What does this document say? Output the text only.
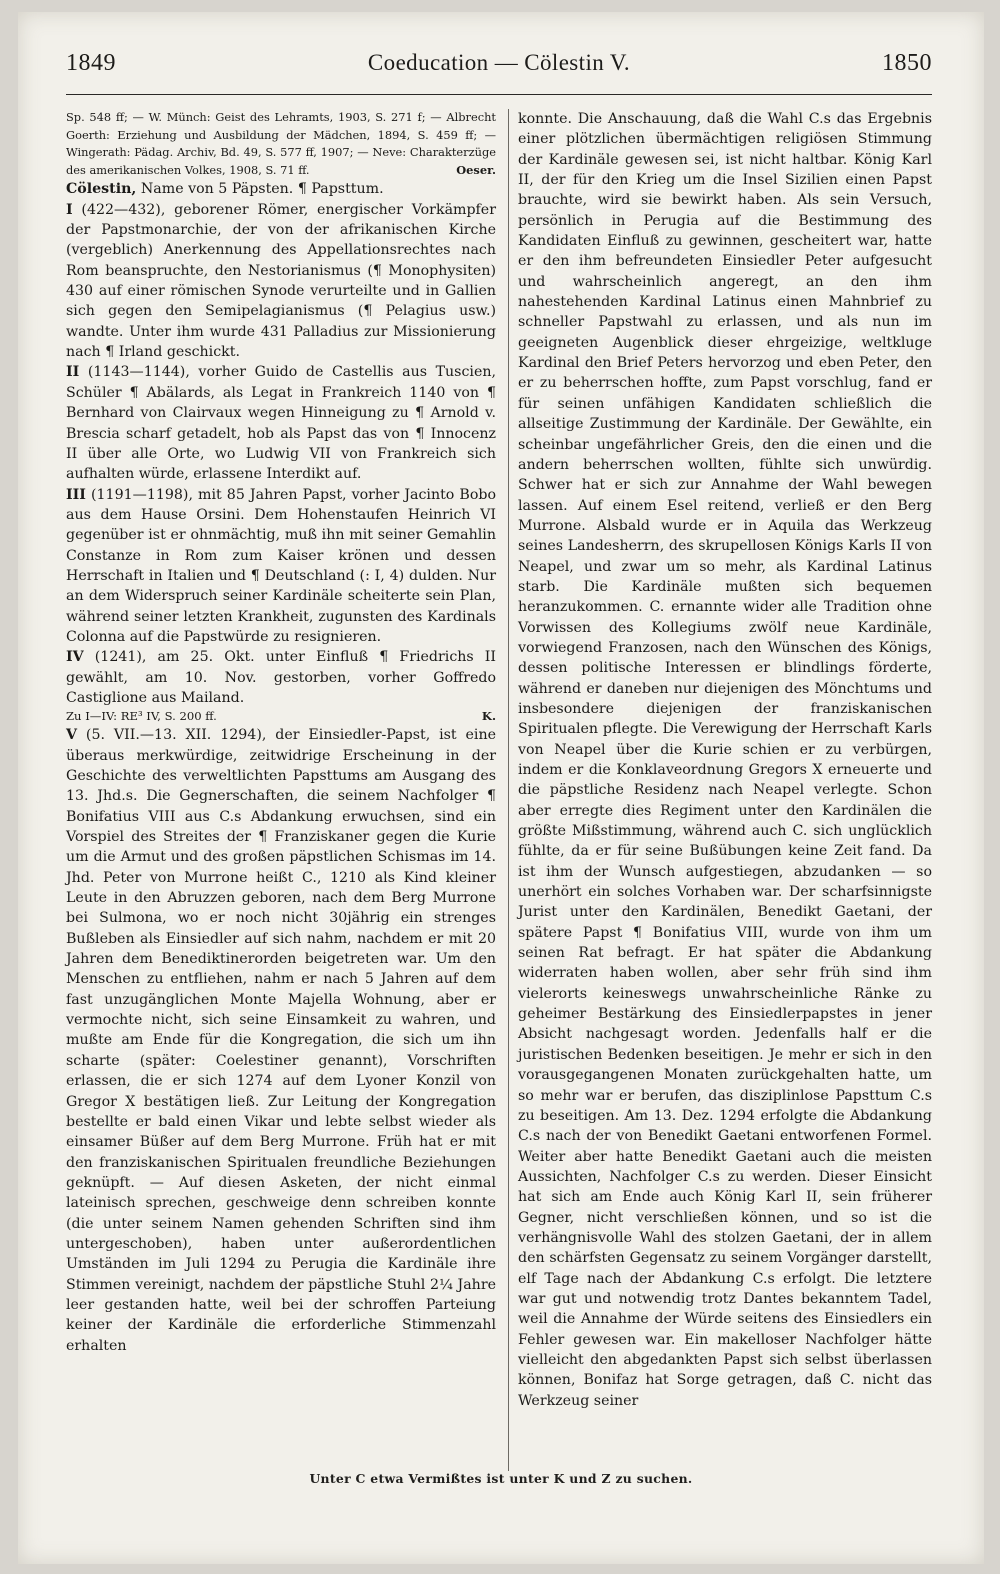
1849	Coeducation — Cölestin V.	1850

Sp. 548 ff; — W. Münch: Geist des Lehramts, 1903, S. 271 f; — Albrecht Goerth: Erziehung und Ausbildung der Mädchen, 1894, S. 459 ff; — Wingerath: Pädag. Archiv, Bd. 49, S. 577 ff, 1907; — Neve: Charakterzüge des amerikanischen Volkes, 1908, S. 71 ff.	Oeser.

Cölestin, Name von 5 Päpsten. ¶ Papsttum.

I (422—432), geborener Römer, energischer Vorkämpfer der Papstmonarchie, der von der afrikanischen Kirche (vergeblich) Anerkennung des Appellationsrechtes nach Rom beanspruchte, den Nestorianismus (¶ Monophysiten) 430 auf einer römischen Synode verurteilte und in Gallien sich gegen den Semipelagianismus (¶ Pelagius usw.) wandte. Unter ihm wurde 431 Palladius zur Missionierung nach ¶ Irland geschickt.

II (1143—1144), vorher Guido de Castellis aus Tuscien, Schüler ¶ Abälards, als Legat in Frankreich 1140 von ¶ Bernhard von Clairvaux wegen Hinneigung zu ¶ Arnold v. Brescia scharf getadelt, hob als Papst das von ¶ Innocenz II über alle Orte, wo Ludwig VII von Frankreich sich aufhalten würde, erlassene Interdikt auf.

III (1191—1198), mit 85 Jahren Papst, vorher Jacinto Bobo aus dem Hause Orsini. Dem Hohenstaufen Heinrich VI gegenüber ist er ohnmächtig, muß ihn mit seiner Gemahlin Constanze in Rom zum Kaiser krönen und dessen Herrschaft in Italien und ¶ Deutschland (: I, 4) dulden. Nur an dem Widerspruch seiner Kardinäle scheiterte sein Plan, während seiner letzten Krankheit, zugunsten des Kardinals Colonna auf die Papstwürde zu resignieren.

IV (1241), am 25. Okt. unter Einfluß ¶ Friedrichs II gewählt, am 10. Nov. gestorben, vorher Goffredo Castiglione aus Mailand.

Zu I—IV: RE³ IV, S. 200 ff.	K.

V (5. VII.—13. XII. 1294), der Einsiedler-Papst, ist eine überaus merkwürdige, zeitwidrige Erscheinung in der Geschichte des verweltlichten Papsttums am Ausgang des 13. Jhd.s. Die Gegnerschaften, die seinem Nachfolger ¶ Bonifatius VIII aus C.s Abdankung erwuchsen, sind ein Vorspiel des Streites der ¶ Franziskaner gegen die Kurie um die Armut und des großen päpstlichen Schismas im 14. Jhd. Peter von Murrone heißt C., 1210 als Kind kleiner Leute in den Abruzzen geboren, nach dem Berg Murrone bei Sulmona, wo er noch nicht 30jährig ein strenges Bußleben als Einsiedler auf sich nahm, nachdem er mit 20 Jahren dem Benediktinerorden beigetreten war. Um den Menschen zu entfliehen, nahm er nach 5 Jahren auf dem fast unzugänglichen Monte Majella Wohnung, aber er vermochte nicht, sich seine Einsamkeit zu wahren, und mußte am Ende für die Kongregation, die sich um ihn scharte (später: Coelestiner genannt), Vorschriften erlassen, die er sich 1274 auf dem Lyoner Konzil von Gregor X bestätigen ließ. Zur Leitung der Kongregation bestellte er bald einen Vikar und lebte selbst wieder als einsamer Büßer auf dem Berg Murrone. Früh hat er mit den franziskanischen Spiritualen freundliche Beziehungen geknüpft. — Auf diesen Asketen, der nicht einmal lateinisch sprechen, geschweige denn schreiben konnte (die unter seinem Namen gehenden Schriften sind ihm untergeschoben), haben unter außerordentlichen Umständen im Juli 1294 zu Perugia die Kardinäle ihre Stimmen vereinigt, nachdem der päpstliche Stuhl 2¼ Jahre leer gestanden hatte, weil bei der schroffen Parteiung keiner der Kardinäle die erforderliche Stimmenzahl erhalten

konnte. Die Anschauung, daß die Wahl C.s das Ergebnis einer plötzlichen übermächtigen religiösen Stimmung der Kardinäle gewesen sei, ist nicht haltbar. König Karl II, der für den Krieg um die Insel Sizilien einen Papst brauchte, wird sie bewirkt haben. Als sein Versuch, persönlich in Perugia auf die Bestimmung des Kandidaten Einfluß zu gewinnen, gescheitert war, hatte er den ihm befreundeten Einsiedler Peter aufgesucht und wahrscheinlich angeregt, an den ihm nahestehenden Kardinal Latinus einen Mahnbrief zu schneller Papstwahl zu erlassen, und als nun im geeigneten Augenblick dieser ehrgeizige, weltkluge Kardinal den Brief Peters hervorzog und eben Peter, den er zu beherrschen hoffte, zum Papst vorschlug, fand er für seinen unfähigen Kandidaten schließlich die allseitige Zustimmung der Kardinäle. Der Gewählte, ein scheinbar ungefährlicher Greis, den die einen und die andern beherrschen wollten, fühlte sich unwürdig. Schwer hat er sich zur Annahme der Wahl bewegen lassen. Auf einem Esel reitend, verließ er den Berg Murrone. Alsbald wurde er in Aquila das Werkzeug seines Landesherrn, des skrupellosen Königs Karls II von Neapel, und zwar um so mehr, als Kardinal Latinus starb. Die Kardinäle mußten sich bequemen heranzukommen. C. ernannte wider alle Tradition ohne Vorwissen des Kollegiums zwölf neue Kardinäle, vorwiegend Franzosen, nach den Wünschen des Königs, dessen politische Interessen er blindlings förderte, während er daneben nur diejenigen des Mönchtums und insbesondere diejenigen der franziskanischen Spiritualen pflegte. Die Verewigung der Herrschaft Karls von Neapel über die Kurie schien er zu verbürgen, indem er die Konklaveordnung Gregors X erneuerte und die päpstliche Residenz nach Neapel verlegte. Schon aber erregte dies Regiment unter den Kardinälen die größte Mißstimmung, während auch C. sich unglücklich fühlte, da er für seine Bußübungen keine Zeit fand. Da ist ihm der Wunsch aufgestiegen, abzudanken — so unerhört ein solches Vorhaben war. Der scharfsinnigste Jurist unter den Kardinälen, Benedikt Gaetani, der spätere Papst ¶ Bonifatius VIII, wurde von ihm um seinen Rat befragt. Er hat später die Abdankung widerraten haben wollen, aber sehr früh sind ihm vielerorts keineswegs unwahrscheinliche Ränke zu geheimer Bestärkung des Einsiedlerpapstes in jener Absicht nachgesagt worden. Jedenfalls half er die juristischen Bedenken beseitigen. Je mehr er sich in den vorausgegangenen Monaten zurückgehalten hatte, um so mehr war er berufen, das disziplinlose Papsttum C.s zu beseitigen. Am 13. Dez. 1294 erfolgte die Abdankung C.s nach der von Benedikt Gaetani entworfenen Formel. Weiter aber hatte Benedikt Gaetani auch die meisten Aussichten, Nachfolger C.s zu werden. Dieser Einsicht hat sich am Ende auch König Karl II, sein früherer Gegner, nicht verschließen können, und so ist die verhängnisvolle Wahl des stolzen Gaetani, der in allem den schärfsten Gegensatz zu seinem Vorgänger darstellt, elf Tage nach der Abdankung C.s erfolgt. Die letztere war gut und notwendig trotz Dantes bekanntem Tadel, weil die Annahme der Würde seitens des Einsiedlers ein Fehler gewesen war. Ein makelloser Nachfolger hätte vielleicht den abgedankten Papst sich selbst überlassen können, Bonifaz hat Sorge getragen, daß C. nicht das Werkzeug seiner

Unter C etwa Vermißtes ist unter K und Z zu suchen.
